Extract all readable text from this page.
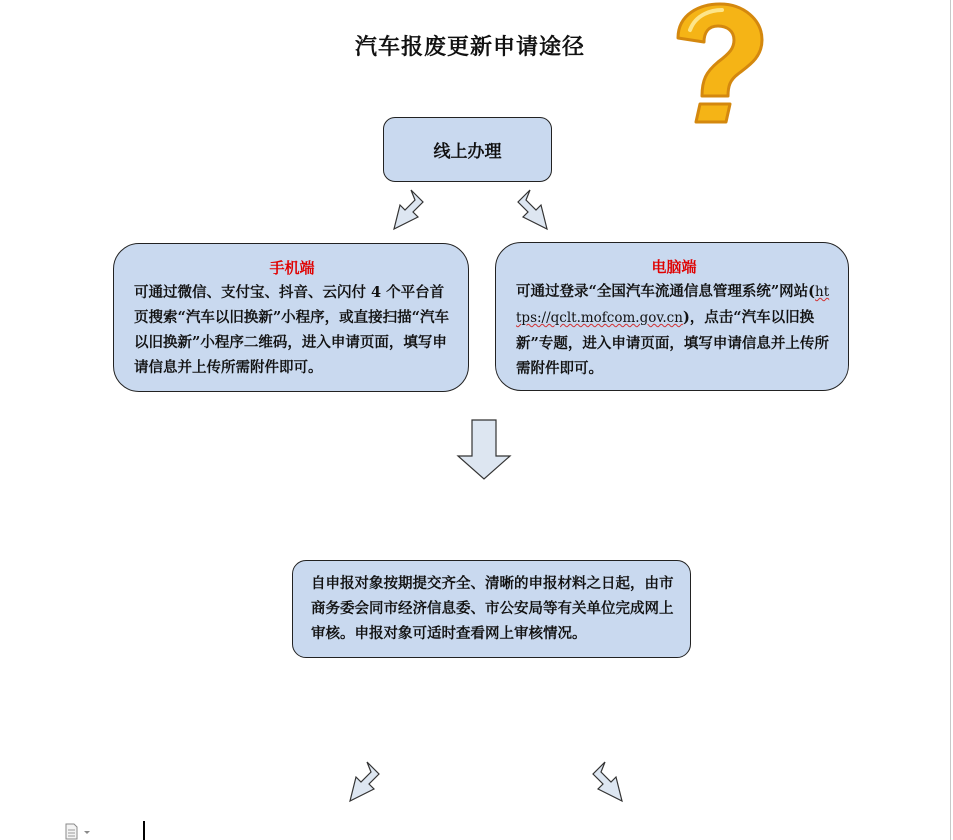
汽车报废更新申请途径
线上办理

手机端

可通过微信、支付宝、抖音、云闪付 4 个平台首页搜索“汽车以旧换新”小程序，或直接扫描“汽车以旧换新”小程序二维码，进入申请页面，填写申请信息并上传所需附件即可。

电脑端

可通过登录“全国汽车流通信息管理系统”网站(https://qclt.mofcom.gov.cn)，点击“汽车以旧换新”专题，进入申请页面，填写申请信息并上传所需附件即可。

自申报对象按期提交齐全、清晰的申报材料之日起，由市商务委会同市经济信息委、市公安局等有关单位完成网上审核。申报对象可适时查看网上审核情况。
